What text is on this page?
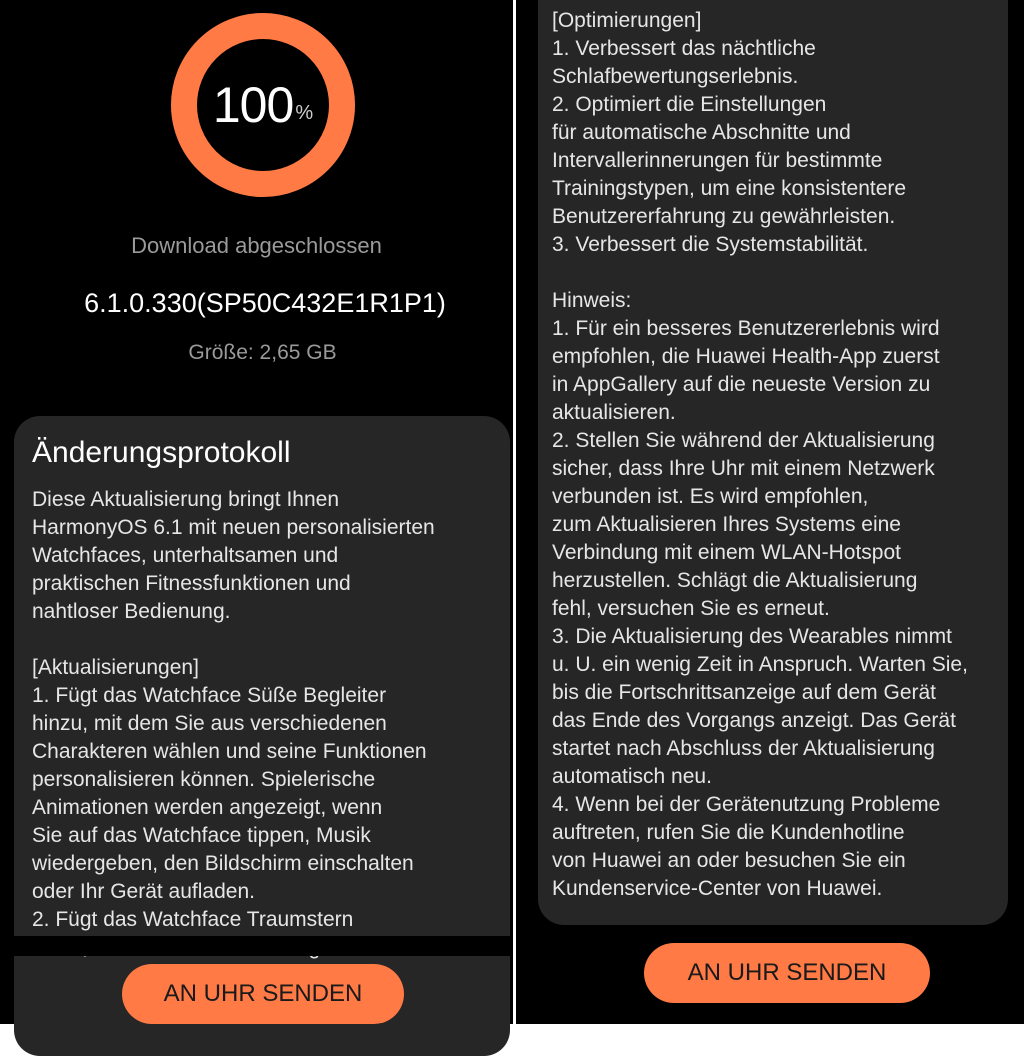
100 %
Download abgeschlossen
6.1.0.330(SP50C432E1R1P1)
Größe: 2,65 GB
Änderungsprotokoll
Diese Aktualisierung bringt Ihnen
HarmonyOS 6.1 mit neuen personalisierten
Watchfaces, unterhaltsamen und
praktischen Fitnessfunktionen und
nahtloser Bedienung.
[Aktualisierungen]
1. Fügt das Watchface Süße Begleiter
hinzu, mit dem Sie aus verschiedenen
Charakteren wählen und seine Funktionen
personalisieren können. Spielerische
Animationen werden angezeigt, wenn
Sie auf das Watchface tippen, Musik
wiedergeben, den Bildschirm einschalten
oder Ihr Gerät aufladen.
2. Fügt das Watchface Traumstern
AN UHR SENDEN
[Optimierungen]
1. Verbessert das nächtliche
Schlafbewertungserlebnis.
2. Optimiert die Einstellungen
für automatische Abschnitte und
Intervallerinnerungen für bestimmte
Trainingstypen, um eine konsistentere
Benutzererfahrung zu gewährleisten.
3. Verbessert die Systemstabilität.
Hinweis:
1. Für ein besseres Benutzererlebnis wird
empfohlen, die Huawei Health-App zuerst
in AppGallery auf die neueste Version zu
aktualisieren.
2. Stellen Sie während der Aktualisierung
sicher, dass Ihre Uhr mit einem Netzwerk
verbunden ist. Es wird empfohlen,
zum Aktualisieren Ihres Systems eine
Verbindung mit einem WLAN-Hotspot
herzustellen. Schlägt die Aktualisierung
fehl, versuchen Sie es erneut.
3. Die Aktualisierung des Wearables nimmt
u. U. ein wenig Zeit in Anspruch. Warten Sie,
bis die Fortschrittsanzeige auf dem Gerät
das Ende des Vorgangs anzeigt. Das Gerät
startet nach Abschluss der Aktualisierung
automatisch neu.
4. Wenn bei der Gerätenutzung Probleme
auftreten, rufen Sie die Kundenhotline
von Huawei an oder besuchen Sie ein
Kundenservice-Center von Huawei.
AN UHR SENDEN
